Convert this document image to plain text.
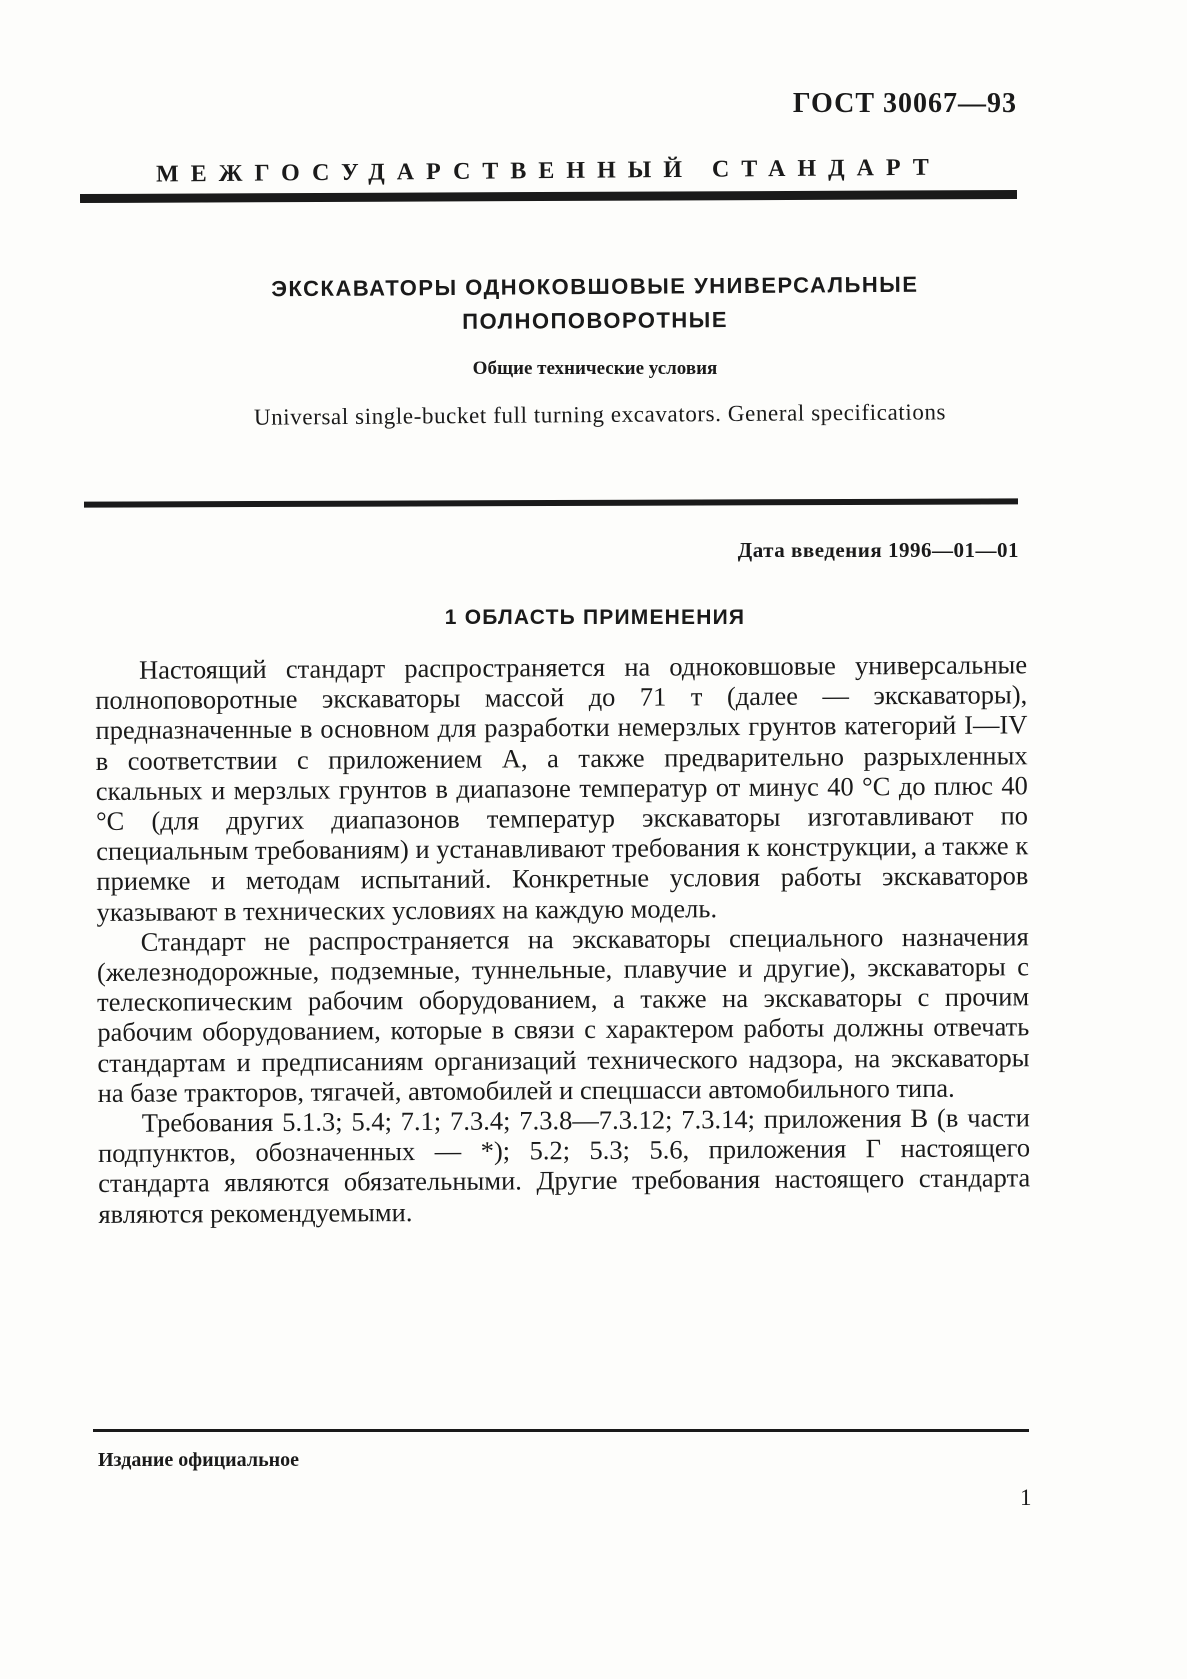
ГОСТ 30067—93
МЕЖГОСУДАРСТВЕННЫЙ СТАНДАРТ
ЭКСКАВАТОРЫ ОДНОКОВШОВЫЕ УНИВЕРСАЛЬНЫЕ
ПОЛНОПОВОРОТНЫЕ
Общие технические условия
Universal single-bucket full turning excavators. General specifications
Дата введения 1996—01—01
1 ОБЛАСТЬ ПРИМЕНЕНИЯ

Настоящий стандарт распространяется на одноковшовые универсальные полноповоротные экскаваторы массой до 71 т (далее — экскаваторы), предназначенные в основном для разработки немерзлых грунтов категорий I—IV в соответствии с приложением А, а также предварительно разрыхленных скальных и мерзлых грунтов в диапазоне температур от минус 40 °С до плюс 40 °С (для других диапазонов температур экскаваторы изготавливают по специальным требованиям) и устанавливают требования к конструкции, а также к приемке и методам испытаний. Конкретные условия работы экскаваторов указывают в технических условиях на каждую модель.

Стандарт не распространяется на экскаваторы специального назначения (железнодорожные, подземные, туннельные, плавучие и другие), экскаваторы с телескопическим рабочим оборудованием, а также на экскаваторы с прочим рабочим оборудованием, которые в связи с характером работы должны отвечать стандартам и предписаниям организаций технического надзора, на экскаваторы на базе тракторов, тягачей, автомобилей и спецшасси автомобильного типа.

Требования 5.1.3; 5.4; 7.1; 7.3.4; 7.3.8—7.3.12; 7.3.14; приложения В (в части подпунктов, обозначенных — *); 5.2; 5.3; 5.6, приложения Г настоящего стандарта являются обязательными. Другие требования настоящего стандарта являются рекомендуемыми.

Издание официальное
1
